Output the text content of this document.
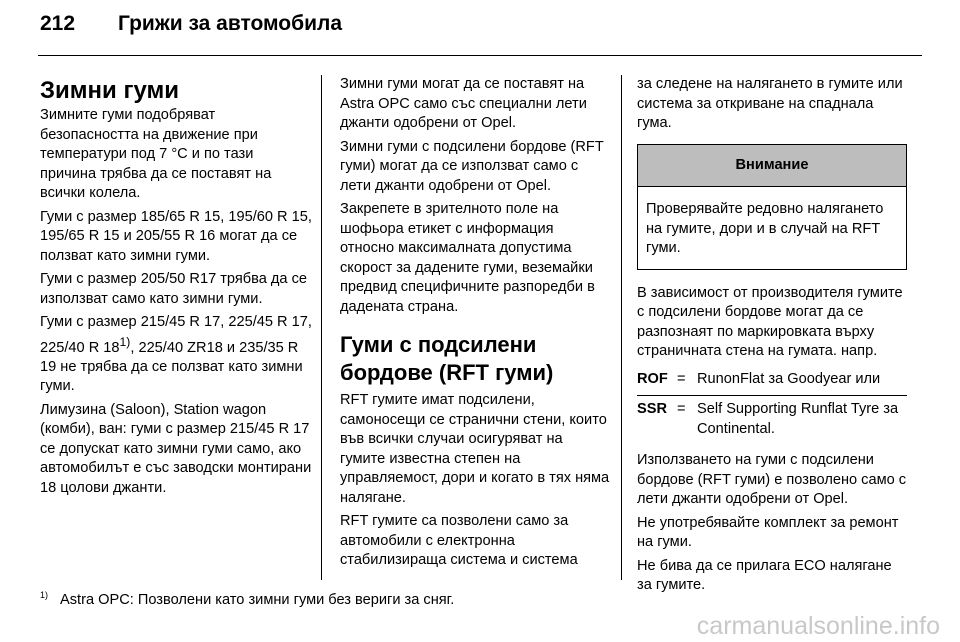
212 Грижи за автомобила
Зимни гуми

Зимните гуми подобряват безопасността на движение при температури под 7 °C и по тази причина трябва да се поставят на всички колела.

Гуми с размер 185/65 R 15, 195/60 R 15, 195/65 R 15 и 205/55 R 16 могат да се ползват като зимни гуми.

Гуми с размер 205/50 R17 трябва да се използват само като зимни гуми.

Гуми с размер 215/45 R 17, 225/45 R 17, 225/40 R 18$^{1)}$, 225/40 ZR18 и 235/35 R 19 не трябва да се ползват като зимни гуми.

Лимузина (Saloon), Station wagon (комби), ван: гуми с размер 215/45 R 17 се допускат като зимни гуми само, ако автомобилът е със заводски монтирани 18 цолови джанти.

Зимни гуми могат да се поставят на Astra OPC само със специални лети джанти одобрени от Opel.

Зимни гуми с подсилени бордове (RFT гуми) могат да се използват само с лети джанти одобрени от Opel.

Закрепете в зрителното поле на шофьора етикет с информация относно максималната допустима скорост за дадените гуми, веземайки предвид специфичните разпоредби в дадената страна.

Гуми с подсилени бордове (RFT гуми)

RFT гумите имат подсилени, самоносещи се странични стени, които във всички случаи осигуряват на гумите известна степен на управляемост, дори и когато в тях няма налягане.

RFT гумите са позволени само за автомобили с електронна стабилизираща система и система

за следене на налягането в гумите или система за откриване на спаднала гума.

Внимание
Проверявайте редовно налягането на гумите, дори и в случай на RFT гуми.

В зависимост от производителя гумите с подсилени бордове могат да се разпознаят по маркировката върху страничната стена на гумата. напр.

ROF = RunonFlat за Goodyear или
SSR = Self Supporting Runflat Tyre за Continental.

Използването на гуми с подсилени бордове (RFT гуми) е позволено само с лети джанти одобрени от Opel.

Не употребявайте комплект за ремонт на гуми.

Не бива да се прилага ECO налягане за гумите.

$^{1)}$ Astra OPC: Позволени като зимни гуми без вериги за сняг.
carmanualsonline.info
